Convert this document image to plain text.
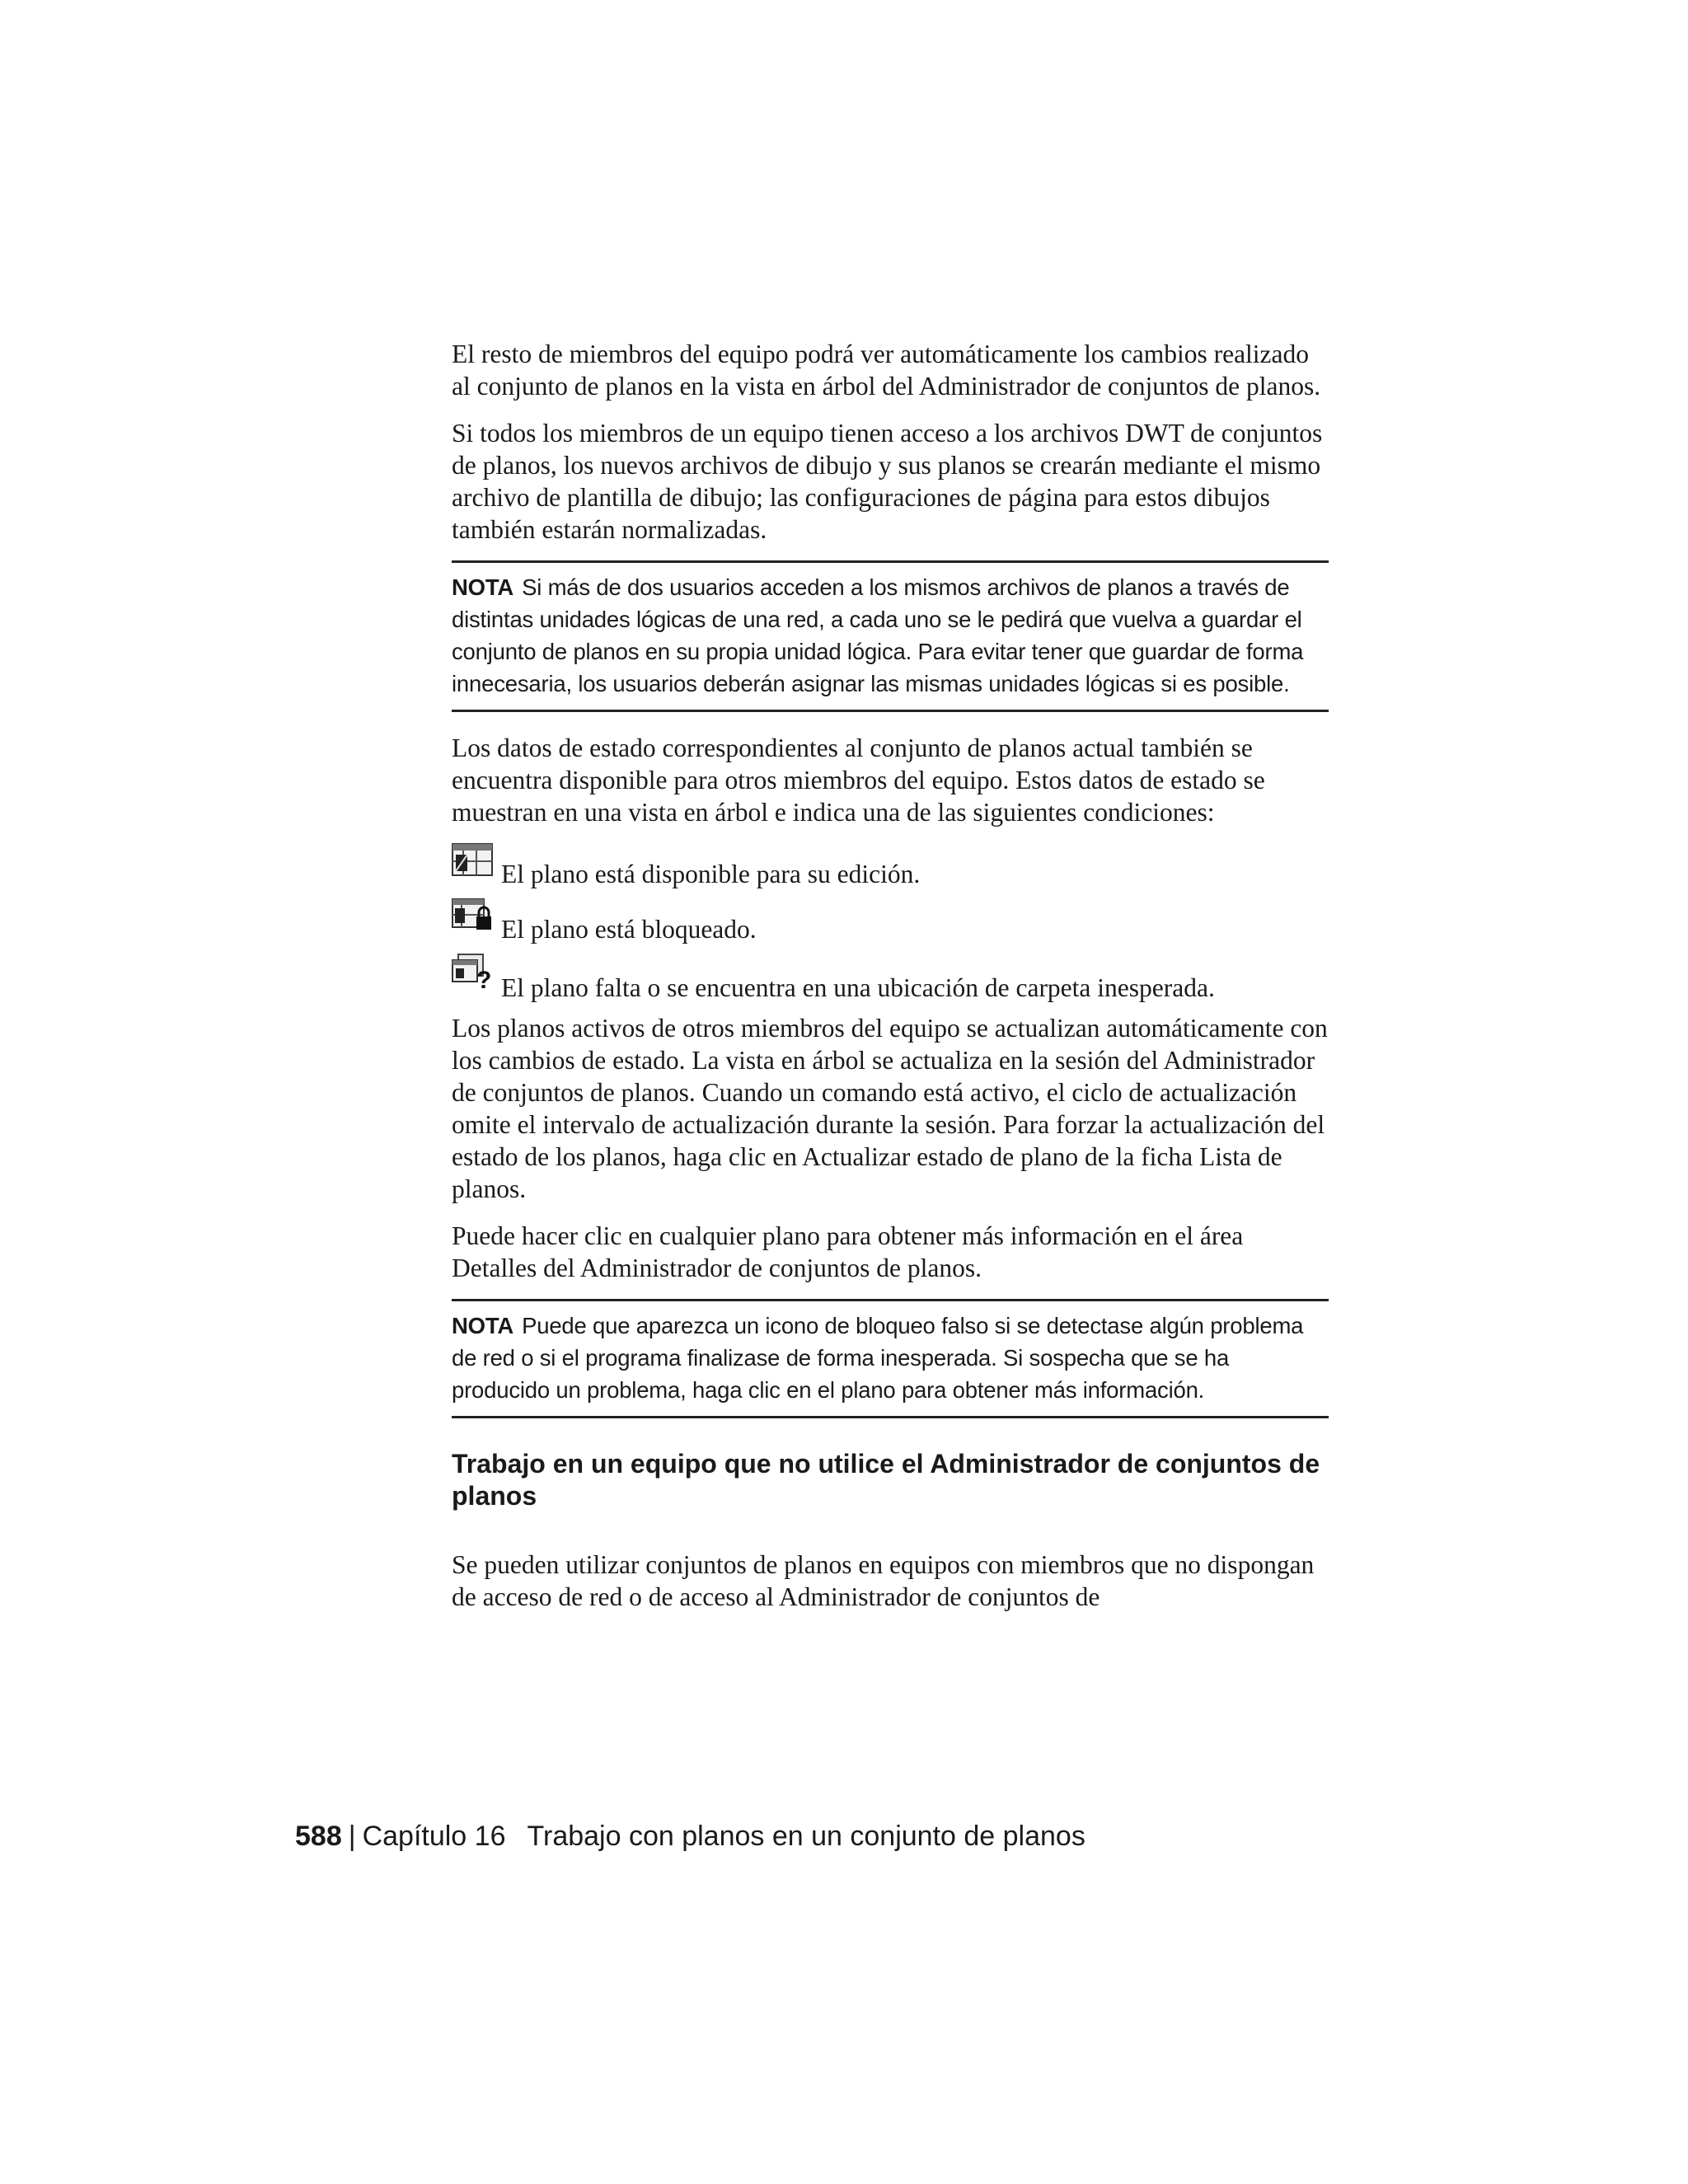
El resto de miembros del equipo podrá ver automáticamente los cambios realizado al conjunto de planos en la vista en árbol del Administrador de conjuntos de planos.

Si todos los miembros de un equipo tienen acceso a los archivos DWT de conjuntos de planos, los nuevos archivos de dibujo y sus planos se crearán mediante el mismo archivo de plantilla de dibujo; las configuraciones de página para estos dibujos también estarán normalizadas.

NOTA Si más de dos usuarios acceden a los mismos archivos de planos a través de distintas unidades lógicas de una red, a cada uno se le pedirá que vuelva a guardar el conjunto de planos en su propia unidad lógica. Para evitar tener que guardar de forma innecesaria, los usuarios deberán asignar las mismas unidades lógicas si es posible.

Los datos de estado correspondientes al conjunto de planos actual también se encuentra disponible para otros miembros del equipo. Estos datos de estado se muestran en una vista en árbol e indica una de las siguientes condiciones:

El plano está disponible para su edición.
El plano está bloqueado.
? El plano falta o se encuentra en una ubicación de carpeta inesperada.

Los planos activos de otros miembros del equipo se actualizan automáticamente con los cambios de estado. La vista en árbol se actualiza en la sesión del Administrador de conjuntos de planos. Cuando un comando está activo, el ciclo de actualización omite el intervalo de actualización durante la sesión. Para forzar la actualización del estado de los planos, haga clic en Actualizar estado de plano de la ficha Lista de planos.

Puede hacer clic en cualquier plano para obtener más información en el área Detalles del Administrador de conjuntos de planos.

NOTA Puede que aparezca un icono de bloqueo falso si se detectase algún problema de red o si el programa finalizase de forma inesperada. Si sospecha que se ha producido un problema, haga clic en el plano para obtener más información.
Trabajo en un equipo que no utilice el Administrador de conjuntos de planos

Se pueden utilizar conjuntos de planos en equipos con miembros que no dispongan de acceso de red o de acceso al Administrador de conjuntos de

588 | Capítulo 16 Trabajo con planos en un conjunto de planos
